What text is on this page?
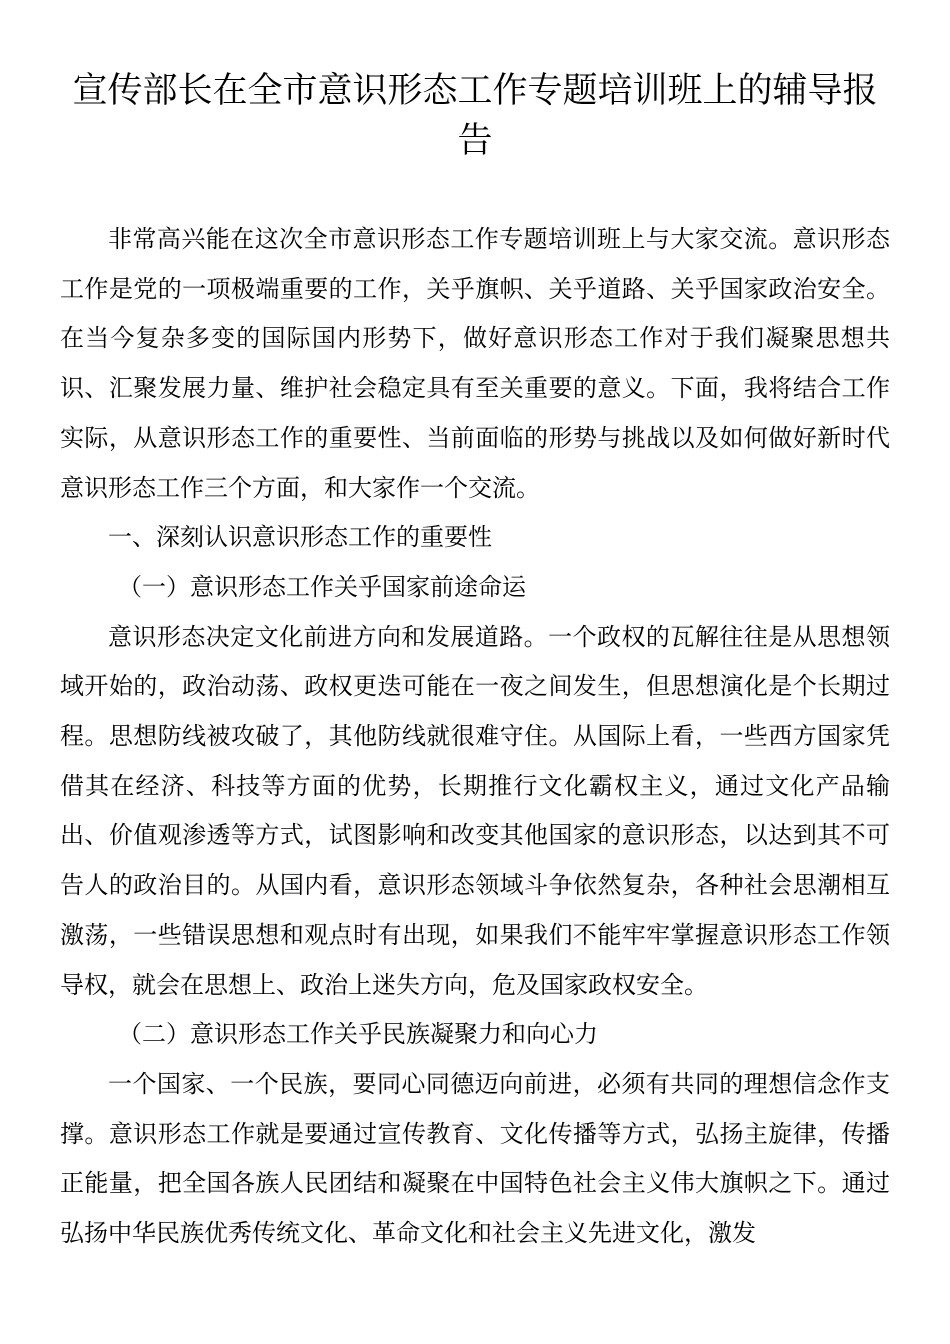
宣传部长在全市意识形态工作专题培训班上的辅导报告

非常高兴能在这次全市意识形态工作专题培训班上与大家交流。意识形态工作是党的一项极端重要的工作，关乎旗帜、关乎道路、关乎国家政治安全。在当今复杂多变的国际国内形势下，做好意识形态工作对于我们凝聚思想共识、汇聚发展力量、维护社会稳定具有至关重要的意义。下面，我将结合工作实际，从意识形态工作的重要性、当前面临的形势与挑战以及如何做好新时代意识形态工作三个方面，和大家作一个交流。

一、深刻认识意识形态工作的重要性

（一）意识形态工作关乎国家前途命运

意识形态决定文化前进方向和发展道路。一个政权的瓦解往往是从思想领域开始的，政治动荡、政权更迭可能在一夜之间发生，但思想演化是个长期过程。思想防线被攻破了，其他防线就很难守住。从国际上看，一些西方国家凭借其在经济、科技等方面的优势，长期推行文化霸权主义，通过文化产品输出、价值观渗透等方式，试图影响和改变其他国家的意识形态，以达到其不可告人的政治目的。从国内看，意识形态领域斗争依然复杂，各种社会思潮相互激荡，一些错误思想和观点时有出现，如果我们不能牢牢掌握意识形态工作领导权，就会在思想上、政治上迷失方向，危及国家政权安全。

（二）意识形态工作关乎民族凝聚力和向心力

一个国家、一个民族，要同心同德迈向前进，必须有共同的理想信念作支撑。意识形态工作就是要通过宣传教育、文化传播等方式，弘扬主旋律，传播正能量，把全国各族人民团结和凝聚在中国特色社会主义伟大旗帜之下。通过弘扬中华民族优秀传统文化、革命文化和社会主义先进文化，激发
